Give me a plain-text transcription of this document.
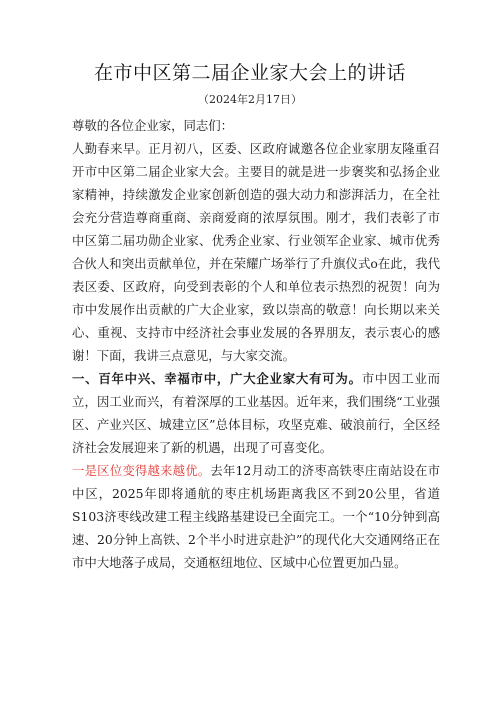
在市中区第二届企业家大会上的讲话
（2024年2月17日）

尊敬的各位企业家，同志们：

人勤春来早。正月初八，区委、区政府诚邀各位企业家朋友隆重召开市中区第二届企业家大会。主要目的就是进一步褒奖和弘扬企业家精神，持续激发企业家创新创造的强大动力和澎湃活力，在全社会充分营造尊商重商、亲商爱商的浓厚氛围。刚才，我们表彰了市中区第二届功勋企业家、优秀企业家、行业领军企业家、城市优秀合伙人和突出贡献单位，并在荣耀广场举行了升旗仪式o在此，我代表区委、区政府，向受到表彰的个人和单位表示热烈的祝贺！向为市中发展作出贡献的广大企业家，致以崇高的敬意！向长期以来关心、重视、支持市中经济社会事业发展的各界朋友，表示衷心的感谢！下面，我讲三点意见，与大家交流。

一、百年中兴、幸福市中，广大企业家大有可为。市中因工业而立，因工业而兴，有着深厚的工业基因。近年来，我们围绕“工业强区、产业兴区、城建立区”总体目标，攻坚克难、破浪前行，全区经济社会发展迎来了新的机遇，出现了可喜变化。

一是区位变得越来越优。去年12月动工的济枣高铁枣庄南站设在市中区，2025年即将通航的枣庄机场距离我区不到20公里，省道S103济枣线改建工程主线路基建设已全面完工。一个“10分钟到高速、20分钟上高铁、2个半小时进京赴沪”的现代化大交通网络正在市中大地落子成局，交通枢纽地位、区域中心位置更加凸显。
